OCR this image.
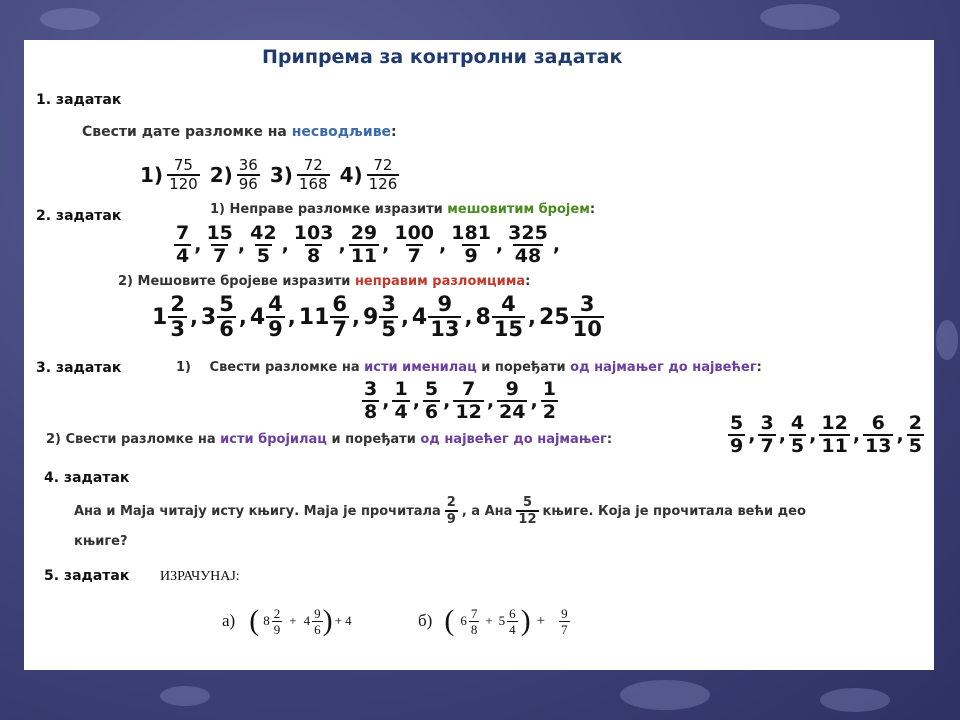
Припрема за контролни задатак
1. задатак
Свести дате разломке на несводљиве:
$1) \frac{75}{120} 2) \frac{36}{96} 3) \frac{72}{168} 4) \frac{72}{126}$
2. задатак	1) Неправе разломке изразити мешовитим бројем:
$\frac{7}{4}$ , $\frac{15}{7}$ , $\frac{42}{5}$ , $\frac{103}{8}$ , $\frac{29}{11}$ , $\frac{100}{7}$ , $\frac{181}{9}$ , $\frac{325}{48}$ ,
2) Мешовите бројеве изразити неправим разломцима:
$1 \frac{2}{3}$ , $3 \frac{5}{6}$ , $4 \frac{4}{9}$ , $11 \frac{6}{7}$ , $9 \frac{3}{5}$ , $4 \frac{9}{13}$ , $8 \frac{4}{15}$ , $25 \frac{3}{10}$
3. задатак	1) Свести разломке на исти именилац и поређати од најмањег до највећег:
$\frac{3}{8}$ , $\frac{1}{4}$ , $\frac{5}{6}$ , $\frac{7}{12}$ , $\frac{9}{24}$ , $\frac{1}{2}$
2) Свести разломке на исти бројилац и поређати од највећег до најмањег:	$\frac{5}{9}$ , $\frac{3}{7}$ , $\frac{4}{5}$ , $\frac{12}{11}$ , $\frac{6}{13}$ , $\frac{2}{5}$
4. задатак
Ана и Маја читају исту књигу. Маја је прочитала $\frac{2}{9}$ , а Ана $\frac{5}{12}$ књиге. Која је прочитала већи део
књиге?
5. задатак ИЗРАЧУНАЈ:
а) ( $8 \frac{2}{9} + 4 \frac{9}{6}$ ) + 4	б) ( $6 \frac{7}{8} + 5 \frac{6}{4}$ ) + $\frac{9}{7}$
